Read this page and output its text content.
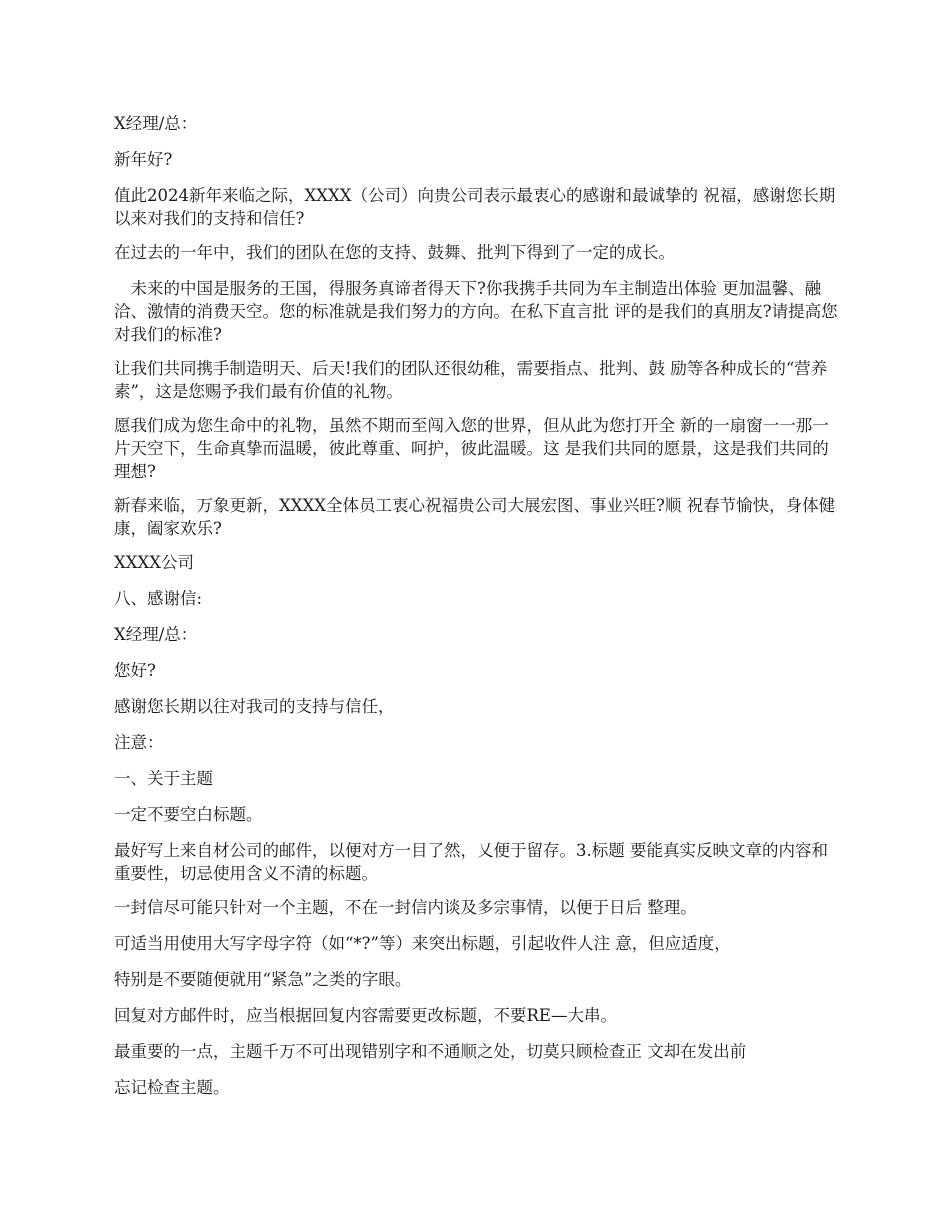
X经理/总：

新年好?

值此2024新年来临之际，XXXX（公司）向贵公司表示最衷心的感谢和最诚挚的 祝福，感谢您长期以来对我们的支持和信任?

在过去的一年中，我们的团队在您的支持、鼓舞、批判下得到了一定的成长。

　未来的中国是服务的王国，得服务真谛者得天下?你我携手共同为车主制造出体验 更加温馨、融洽、激情的消费天空。您的标准就是我们努力的方向。在私下直言批 评的是我们的真朋友?请提高您对我们的标准?

让我们共同携手制造明天、后天!我们的团队还很幼稚，需要指点、批判、鼓 励等各种成长的“营养素”，这是您赐予我们最有价值的礼物。

愿我们成为您生命中的礼物，虽然不期而至闯入您的世界，但从此为您打开全 新的一扇窗一一那一片天空下，生命真挚而温暖，彼此尊重、呵护，彼此温暖。这 是我们共同的愿景，这是我们共同的理想?

新春来临，万象更新，XXXX全体员工衷心祝福贵公司大展宏图、事业兴旺?顺 祝春节愉快，身体健康，阖家欢乐?

XXXX公司

八、感谢信:

X经理/总：

您好?

感谢您长期以往对我司的支持与信任，

注意：

一、关于主题

一定不要空白标题。

最好写上来自材公司的邮件，以便对方一目了然，乂便于留存。3.标题 要能真实反映文章的内容和重要性，切忌使用含义不清的标题。

一封信尽可能只针对一个主题，不在一封信内谈及多宗事情，以便于日后 整理。

可适当用使用大写字母字符（如“*?”等）来突出标题，引起收件人注 意，但应适度，

特别是不要随便就用“紧急”之类的字眼。

回复对方邮件时，应当根据回复内容需要更改标题，不要RE—大串。

最重要的一点，主题千万不可出现错别字和不通顺之处，切莫只顾检查正 文却在发出前

忘记检查主题。
